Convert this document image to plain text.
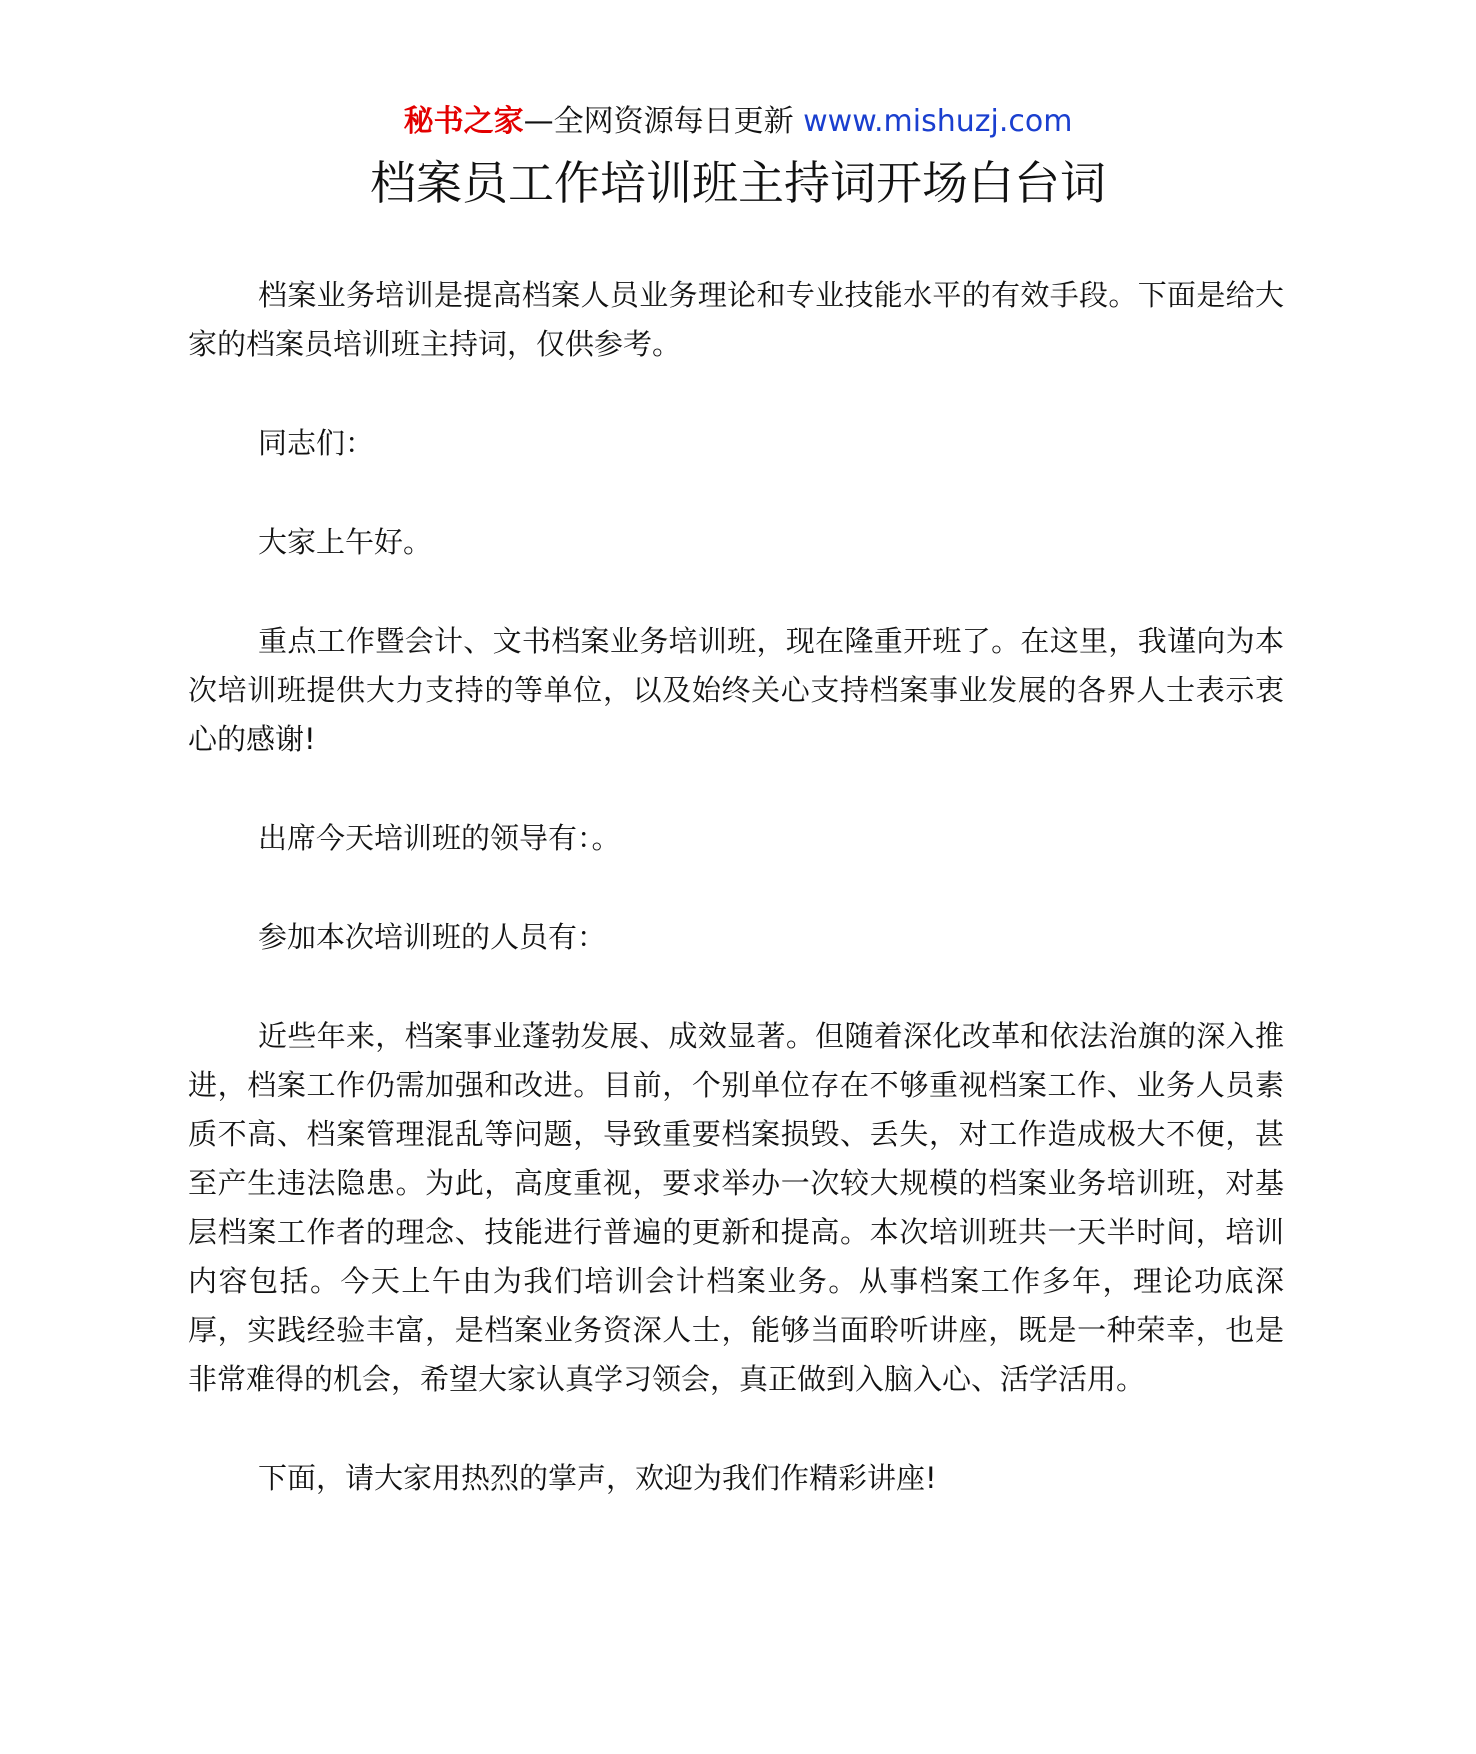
秘书之家—全网资源每日更新 www.mishuzj.com
档案员工作培训班主持词开场白台词

档案业务培训是提高档案人员业务理论和专业技能水平的有效手段。下面是给大家的档案员培训班主持词，仅供参考。

同志们：

大家上午好。

重点工作暨会计、文书档案业务培训班，现在隆重开班了。在这里，我谨向为本次培训班提供大力支持的等单位，以及始终关心支持档案事业发展的各界人士表示衷心的感谢!

出席今天培训班的领导有：。

参加本次培训班的人员有：

近些年来，档案事业蓬勃发展、成效显著。但随着深化改革和依法治旗的深入推进，档案工作仍需加强和改进。目前，个别单位存在不够重视档案工作、业务人员素质不高、档案管理混乱等问题，导致重要档案损毁、丢失，对工作造成极大不便，甚至产生违法隐患。为此，高度重视，要求举办一次较大规模的档案业务培训班，对基层档案工作者的理念、技能进行普遍的更新和提高。本次培训班共一天半时间，培训内容包括。今天上午由为我们培训会计档案业务。从事档案工作多年，理论功底深厚，实践经验丰富，是档案业务资深人士，能够当面聆听讲座，既是一种荣幸，也是非常难得的机会，希望大家认真学习领会，真正做到入脑入心、活学活用。

下面，请大家用热烈的掌声，欢迎为我们作精彩讲座!
